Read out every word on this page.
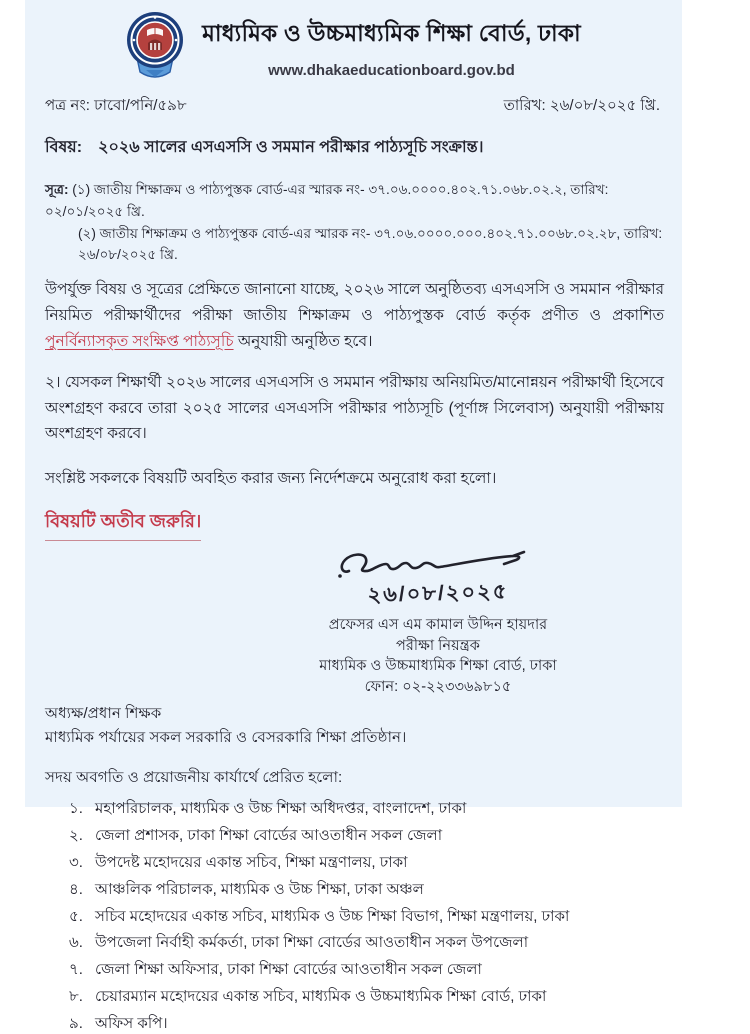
মাধ্যমিক ও উচ্চমাধ্যমিক শিক্ষা বোর্ড, ঢাকা
www.dhakaeducationboard.gov.bd
পত্র নং: ঢাবো/পনি/৫৯৮	তারিখ: ২৬/০৮/২০২৫ খ্রি.
বিষয়: ২০২৬ সালের এসএসসি ও সমমান পরীক্ষার পাঠ্যসূচি সংক্রান্ত।
সূত্র: (১) জাতীয় শিক্ষাক্রম ও পাঠ্যপুস্তক বোর্ড-এর স্মারক নং- ৩৭.০৬.০০০০.৪০২.৭১.০৬৮.০২.২, তারিখ: ০২/০১/২০২৫ খ্রি.
(২) জাতীয় শিক্ষাক্রম ও পাঠ্যপুস্তক বোর্ড-এর স্মারক নং- ৩৭.০৬.০০০০.০০০.৪০২.৭১.০০৬৮.০২.২৮, তারিখ: ২৬/০৮/২০২৫ খ্রি.
উপর্যুক্ত বিষয় ও সূত্রের প্রেক্ষিতে জানানো যাচ্ছে, ২০২৬ সালে অনুষ্ঠিতব্য এসএসসি ও সমমান পরীক্ষার নিয়মিত পরীক্ষার্থীদের পরীক্ষা জাতীয় শিক্ষাক্রম ও পাঠ্যপুস্তক বোর্ড কর্তৃক প্রণীত ও প্রকাশিত পুনর্বিন্যাসকৃত সংক্ষিপ্ত পাঠ্যসূচি অনুযায়ী অনুষ্ঠিত হবে।
২। যেসকল শিক্ষার্থী ২০২৬ সালের এসএসসি ও সমমান পরীক্ষায় অনিয়মিত/মানোন্নয়ন পরীক্ষার্থী হিসেবে অংশগ্রহণ করবে তারা ২০২৫ সালের এসএসসি পরীক্ষার পাঠ্যসূচি (পূর্ণাঙ্গ সিলেবাস) অনুযায়ী পরীক্ষায় অংশগ্রহণ করবে।
সংশ্লিষ্ট সকলকে বিষয়টি অবহিত করার জন্য নির্দেশক্রমে অনুরোধ করা হলো।
বিষয়টি অতীব জরুরি।
২৬/০৮/২০২৫
প্রফেসর এস এম কামাল উদ্দিন হায়দার
পরীক্ষা নিয়ন্ত্রক
মাধ্যমিক ও উচ্চমাধ্যমিক শিক্ষা বোর্ড, ঢাকা
ফোন: ০২-২২৩৩৬৯৮১৫
অধ্যক্ষ/প্রধান শিক্ষক
মাধ্যমিক পর্যায়ের সকল সরকারি ও বেসরকারি শিক্ষা প্রতিষ্ঠান।
সদয় অবগতি ও প্রয়োজনীয় কার্যার্থে প্রেরিত হলো:
১. মহাপরিচালক, মাধ্যমিক ও উচ্চ শিক্ষা অধিদপ্তর, বাংলাদেশ, ঢাকা
২. জেলা প্রশাসক, ঢাকা শিক্ষা বোর্ডের আওতাধীন সকল জেলা
৩. উপদেষ্ট মহোদয়ের একান্ত সচিব, শিক্ষা মন্ত্রণালয়, ঢাকা
৪. আঞ্চলিক পরিচালক, মাধ্যমিক ও উচ্চ শিক্ষা, ঢাকা অঞ্চল
৫. সচিব মহোদয়ের একান্ত সচিব, মাধ্যমিক ও উচ্চ শিক্ষা বিভাগ, শিক্ষা মন্ত্রণালয়, ঢাকা
৬. উপজেলা নির্বাহী কর্মকর্তা, ঢাকা শিক্ষা বোর্ডের আওতাধীন সকল উপজেলা
৭. জেলা শিক্ষা অফিসার, ঢাকা শিক্ষা বোর্ডের আওতাধীন সকল জেলা
৮. চেয়ারম্যান মহোদয়ের একান্ত সচিব, মাধ্যমিক ও উচ্চমাধ্যমিক শিক্ষা বোর্ড, ঢাকা
৯. অফিস কপি।
